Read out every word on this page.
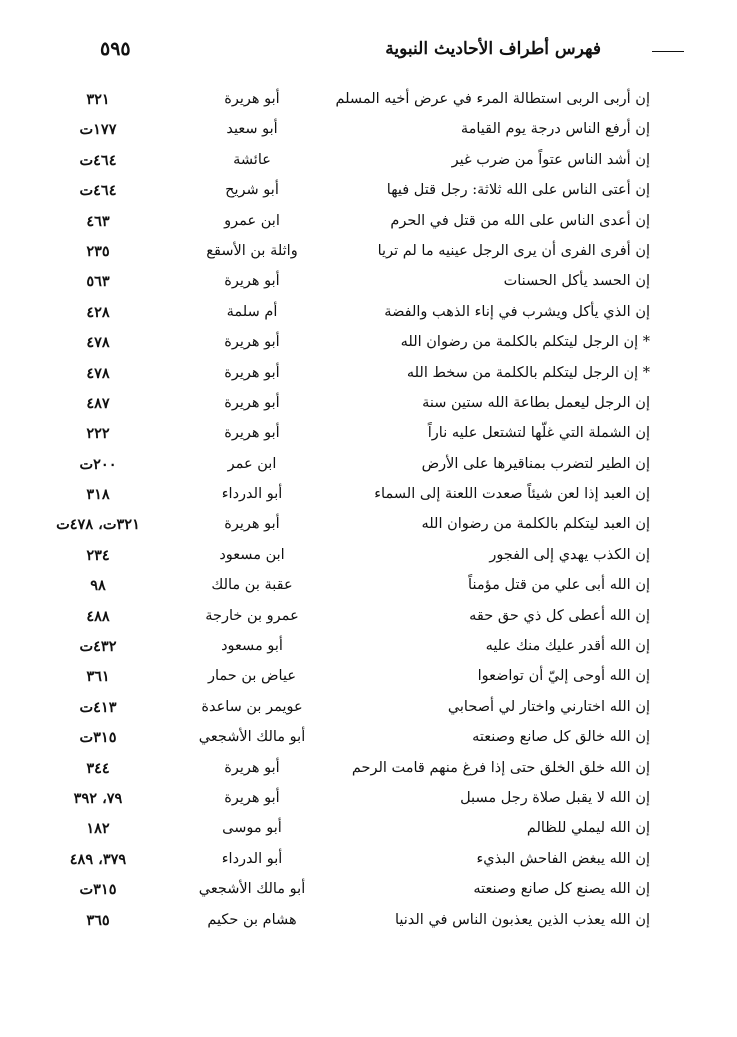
٥٩٥	فهرس أطراف الأحاديث النبوية
إن أربى الربى استطالة المرء في عرض أخيه المسلم
أبو هريرة
٣٢١
إن أرفع الناس درجة يوم القيامة
أبو سعيد
١٧٧ت
إن أشد الناس عتواً من ضرب غير
عائشة
٤٦٤ت
إن أعتى الناس على الله ثلاثة: رجل قتل فيها
أبو شريح
٤٦٤ت
إن أعدى الناس على الله من قتل في الحرم
ابن عمرو
٤٦٣
إن أفرى الفرى أن يرى الرجل عينيه ما لم تريا
واثلة بن الأسقع
٢٣٥
إن الحسد يأكل الحسنات
أبو هريرة
٥٦٣
إن الذي يأكل ويشرب في إناء الذهب والفضة
أم سلمة
٤٢٨
* إن الرجل ليتكلم بالكلمة من رضوان الله
أبو هريرة
٤٧٨
* إن الرجل ليتكلم بالكلمة من سخط الله
أبو هريرة
٤٧٨
إن الرجل ليعمل بطاعة الله ستين سنة
أبو هريرة
٤٨٧
إن الشملة التي غلّها لتشتعل عليه ناراً
أبو هريرة
٢٢٢
إن الطير لتضرب بمناقيرها على الأرض
ابن عمر
٢٠٠ت
إن العبد إذا لعن شيئاً صعدت اللعنة إلى السماء
أبو الدرداء
٣١٨
إن العبد ليتكلم بالكلمة من رضوان الله
أبو هريرة
٣٢١ت، ٤٧٨ت
إن الكذب يهدي إلى الفجور
ابن مسعود
٢٣٤
إن الله أبى علي من قتل مؤمناً
عقبة بن مالك
٩٨
إن الله أعطى كل ذي حق حقه
عمرو بن خارجة
٤٨٨
إن الله أقدر عليك منك عليه
أبو مسعود
٤٣٢ت
إن الله أوحى إليّ أن تواضعوا
عياض بن حمار
٣٦١
إن الله اختارني واختار لي أصحابي
عويمر بن ساعدة
٤١٣ت
إن الله خالق كل صانع وصنعته
أبو مالك الأشجعي
٣١٥ت
إن الله خلق الخلق حتى إذا فرغ منهم قامت الرحم
أبو هريرة
٣٤٤
إن الله لا يقبل صلاة رجل مسبل
أبو هريرة
٧٩، ٣٩٢
إن الله ليملي للظالم
أبو موسى
١٨٢
إن الله يبغض الفاحش البذيء
أبو الدرداء
٣٧٩، ٤٨٩
إن الله يصنع كل صانع وصنعته
أبو مالك الأشجعي
٣١٥ت
إن الله يعذب الذين يعذبون الناس في الدنيا
هشام بن حكيم
٣٦٥
